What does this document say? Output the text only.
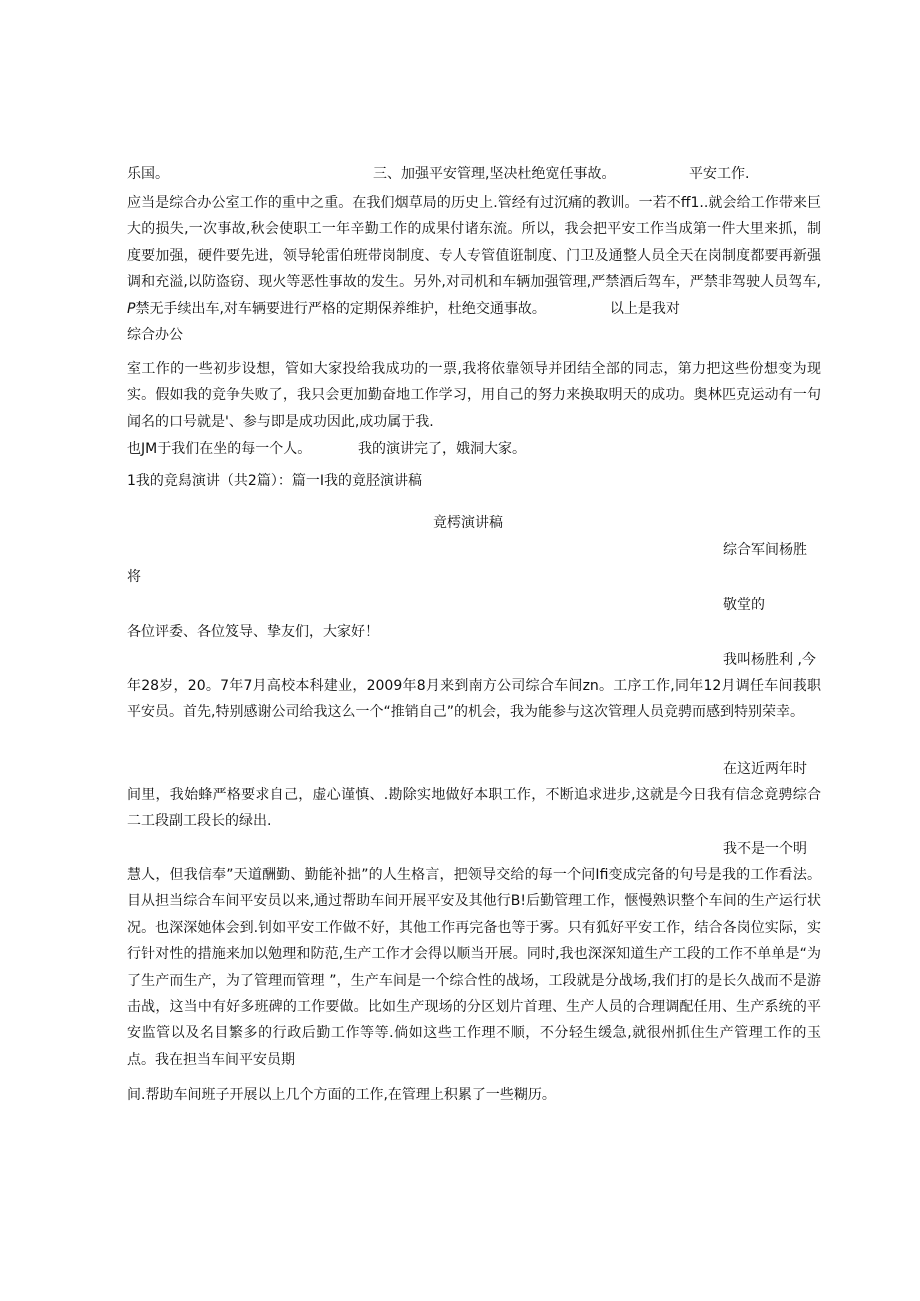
乐国。	三、加强平安管理,坚决杜绝宽任事故。	平安工作.

应当是综合办公室工作的重中之重。在我们烟草局的历史上.管经有过沉痛的教训。一若不ff1..就会给工作带来巨大的损失,一次事故,秋会使职工一年辛勤工作的成果付诸东流。所以，我会把平安工作当成第一件大里来抓，制度要加强，硬件要先进，领导轮雷伯班带岗制度、专人专管值诳制度、门卫及通整人员全天在岗制度都要再新强调和充溢,以防盗窃、现火等恶性事故的发生。另外,对司机和车辆加强管理,严禁酒后驾车，严禁非驾驶人员驾车,P禁无手续出车,对车辆要进行严格的定期保养维护，杜绝交通事故。	以上是我对
综合办公

室工作的一些初步设想，管如大家投给我成功的一票,我将依靠领导并团结全部的同志，第力把这些份想变为现实。假如我的竞争失败了，我只会更加勤奋地工作学习，用自己的努力来换取明天的成功。奥林匹克运动有一句闻名的口号就是'、参与即是成功因此,成功属于我.

也JM于我们在坐的每一个人。	我的演讲完了，娥洞大家。
1我的竞舄演讲（共2篇）：篇一I我的竟胫演讲稿
竟樗演讲稿
综合军间杨胜
将
敬堂的
各位评委、各位笈导、挚友们，大家好！
我叫杨胜利 ,今

年28岁，20。7年7月高校本科建业，2009年8月来到南方公司综合车间zn。工序工作,同年12月调任车间莪职平安员。首先,特别感谢公司给我这么一个“推销自己”的机会，我为能参与这次管理人员竞骋而感到特别荣幸。

在这近两年时

间里，我始蜂严格要求自己，虚心谨慎、.勘除实地做好本职工作，不断追求进步,这就是今日我有信念竟骋综合二工段副工段长的绿出.

我不是一个明

慧人，但我信奉”天道酬勤、勤能补拙”的人生格言，把领导交给的每一个问Ifi变成完备的句号是我的工作看法。目从担当综合车间平安员以来,通过帮助车间开展平安及其他行B!后勤管理工作，惬慢熟识整个车间的生产运行状况。也深深她体会到.钊如平安工作做不好，其他工作再完备也等于雾。只有狐好平安工作，结合各岗位实际，实行针对性的措施来加以勉理和防范,生产工作才会得以顺当开展。同时,我也深深知道生产工段的工作不单单是“为了生产而生产，为了管理而管理 ”，生产车间是一个综合性的战场，工段就是分战场,我们打的是长久战而不是游击战，这当中有好多班碑的工作要做。比如生产现场的分区划片首理、生产人员的合理调配任用、生产系统的平安监管以及名目繁多的行政后勤工作等等.倘如这些工作理不顺，不分轻生缓急,就很州抓住生产管理工作的玉点。我在担当车间平安员期

间.帮助车间班子开展以上几个方面的工作,在管理上积累了一些糊历。
